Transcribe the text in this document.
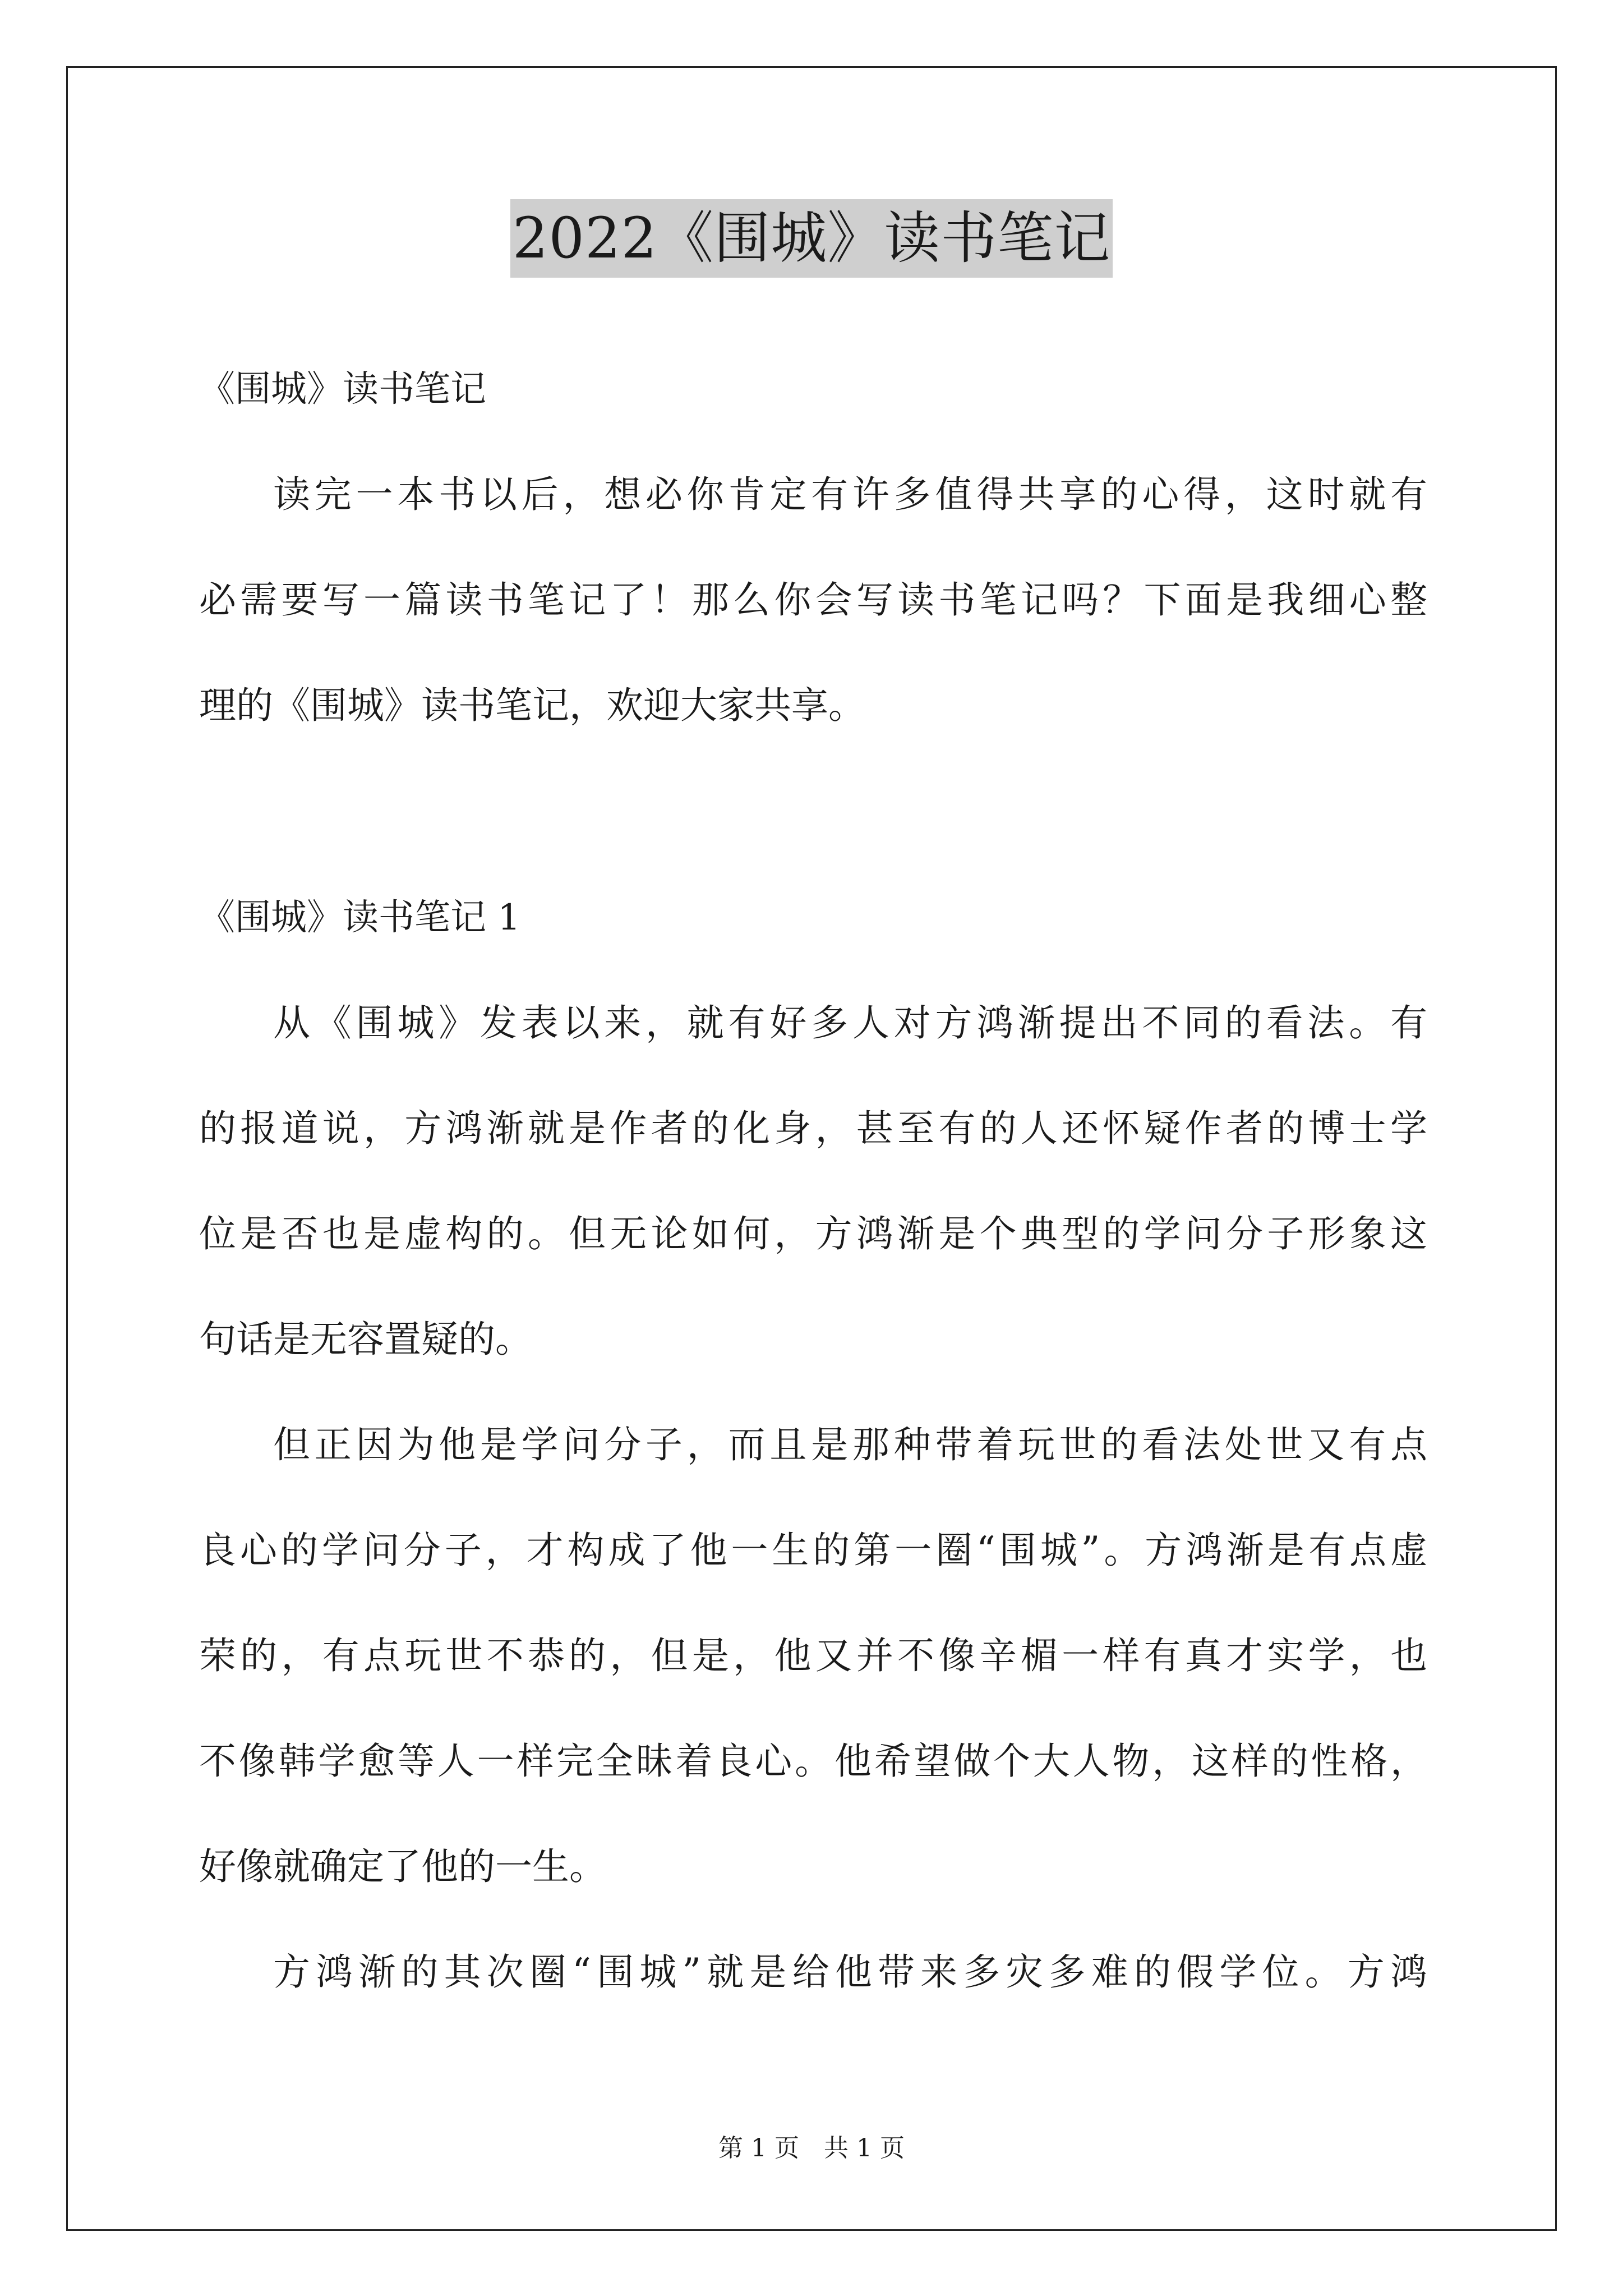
2022《围城》读书笔记
《围城》读书笔记
读完一本书以后，想必你肯定有许多值得共享的心得，这时就有
必需要写一篇读书笔记了！那么你会写读书笔记吗？下面是我细心整
理的《围城》读书笔记，欢迎大家共享。
《围城》读书笔记 1
从《围城》发表以来，就有好多人对方鸿渐提出不同的看法。有
的报道说，方鸿渐就是作者的化身，甚至有的人还怀疑作者的博士学
位是否也是虚构的。但无论如何，方鸿渐是个典型的学问分子形象这
句话是无容置疑的。
但正因为他是学问分子，而且是那种带着玩世的看法处世又有点
良心的学问分子，才构成了他一生的第一圈“围城”。方鸿渐是有点虚
荣的，有点玩世不恭的，但是，他又并不像辛楣一样有真才实学，也
不像韩学愈等人一样完全昧着良心。他希望做个大人物，这样的性格，
好像就确定了他的一生。
方鸿渐的其次圈“围城”就是给他带来多灾多难的假学位。方鸿
第 1 页　共 1 页
